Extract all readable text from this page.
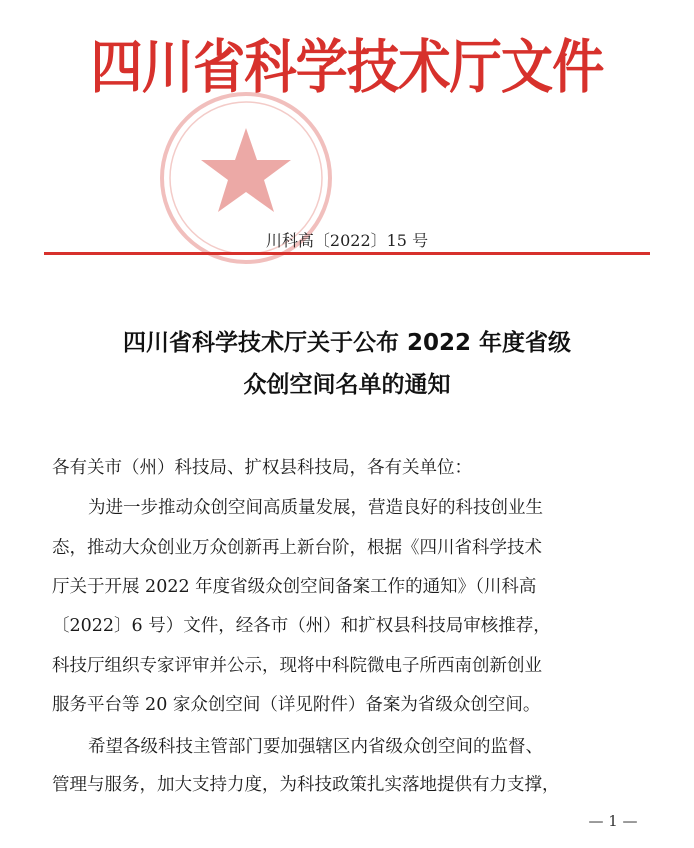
四川省科学技术厅文件
川科高〔2022〕15 号
四川省科学技术厅关于公布 2022 年度省级
众创空间名单的通知
各有关市（州）科技局、扩权县科技局，各有关单位：
为进一步推动众创空间高质量发展，营造良好的科技创业生
态，推动大众创业万众创新再上新台阶，根据《四川省科学技术
厅关于开展 2022 年度省级众创空间备案工作的通知》（川科高
〔2022〕6 号）文件，经各市（州）和扩权县科技局审核推荐，
科技厅组织专家评审并公示，现将中科院微电子所西南创新创业
服务平台等 20 家众创空间（详见附件）备案为省级众创空间。
希望各级科技主管部门要加强辖区内省级众创空间的监督、
管理与服务，加大支持力度，为科技政策扎实落地提供有力支撑，
— 1 —
